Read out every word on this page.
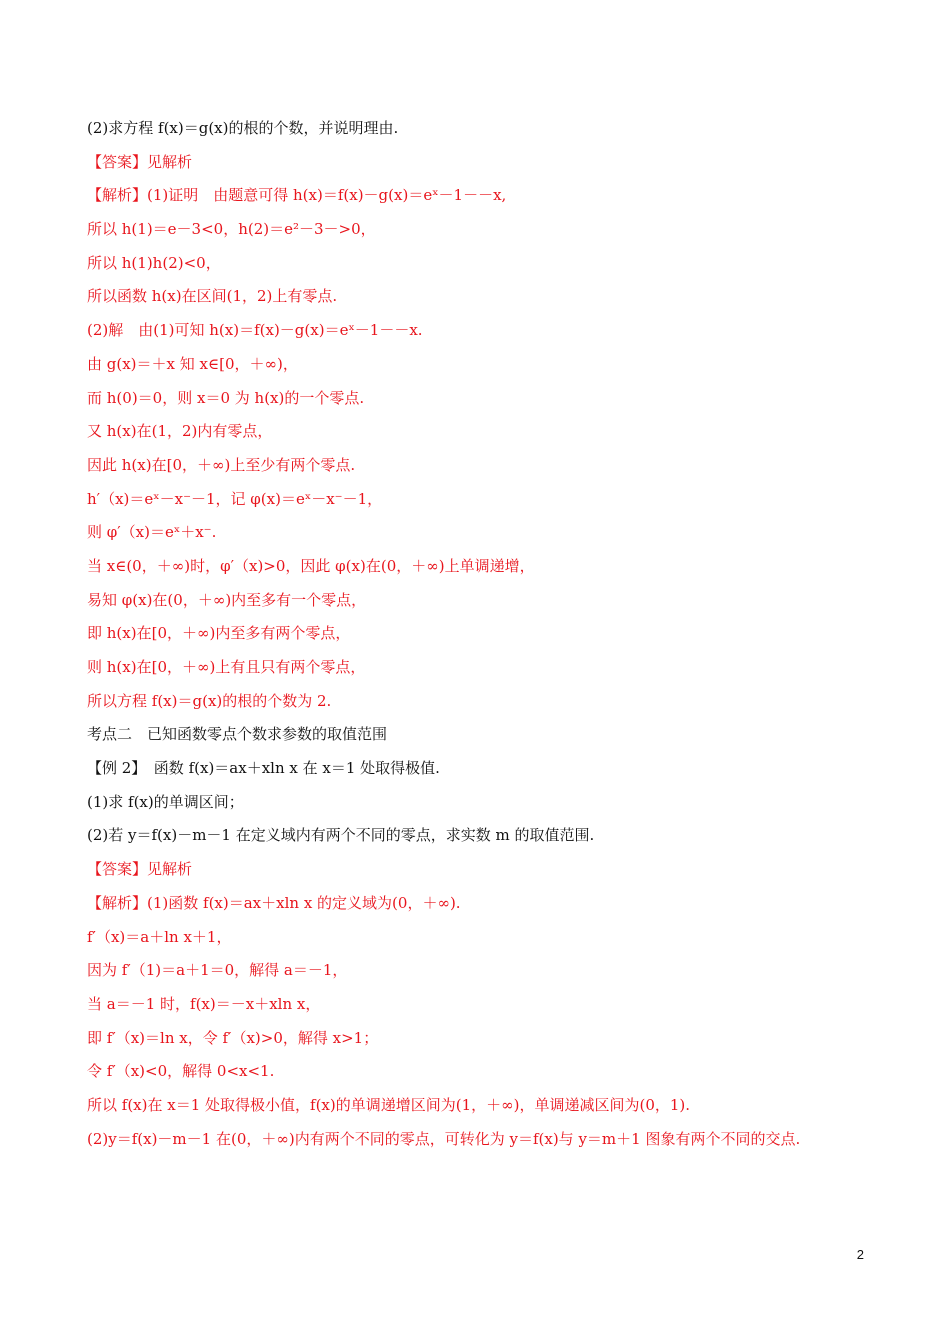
(2)求方程 f(x)＝g(x)的根的个数，并说明理由.
【答案】见解析
【解析】(1)证明　由题意可得 h(x)＝f(x)－g(x)＝eˣ－1－－x,
所以 h(1)＝e－3<0，h(2)＝e²－3－>0，
所以 h(1)h(2)<0，
所以函数 h(x)在区间(1，2)上有零点.
(2)解　由(1)可知 h(x)＝f(x)－g(x)＝eˣ－1－－x.
由 g(x)＝＋x 知 x∈[0，＋∞)，
而 h(0)＝0，则 x＝0 为 h(x)的一个零点.
又 h(x)在(1，2)内有零点，
因此 h(x)在[0，＋∞)上至少有两个零点.
h′（x)＝eˣ－x⁻－1，记 φ(x)＝eˣ－x⁻－1，
则 φ′（x)＝eˣ＋x⁻.
当 x∈(0，＋∞)时，φ′（x)>0，因此 φ(x)在(0，＋∞)上单调递增，
易知 φ(x)在(0，＋∞)内至多有一个零点，
即 h(x)在[0，＋∞)内至多有两个零点，
则 h(x)在[0，＋∞)上有且只有两个零点，
所以方程 f(x)＝g(x)的根的个数为 2.
考点二　已知函数零点个数求参数的取值范围
【例 2】　函数 f(x)＝ax＋xln x 在 x＝1 处取得极值.
(1)求 f(x)的单调区间；
(2)若 y＝f(x)－m－1 在定义域内有两个不同的零点，求实数 m 的取值范围.
【答案】见解析
【解析】(1)函数 f(x)＝ax＋xln x 的定义域为(0，＋∞).
f′（x)＝a＋ln x＋1，
因为 f′（1)＝a＋1＝0，解得 a＝－1，
当 a＝－1 时，f(x)＝－x＋xln x，
即 f′（x)＝ln x，令 f′（x)>0，解得 x>1；
令 f′（x)<0，解得 0<x<1.
所以 f(x)在 x＝1 处取得极小值，f(x)的单调递增区间为(1，＋∞)，单调递减区间为(0，1).
(2)y＝f(x)－m－1 在(0，＋∞)内有两个不同的零点，可转化为 y＝f(x)与 y＝m＋1 图象有两个不同的交点.
2
